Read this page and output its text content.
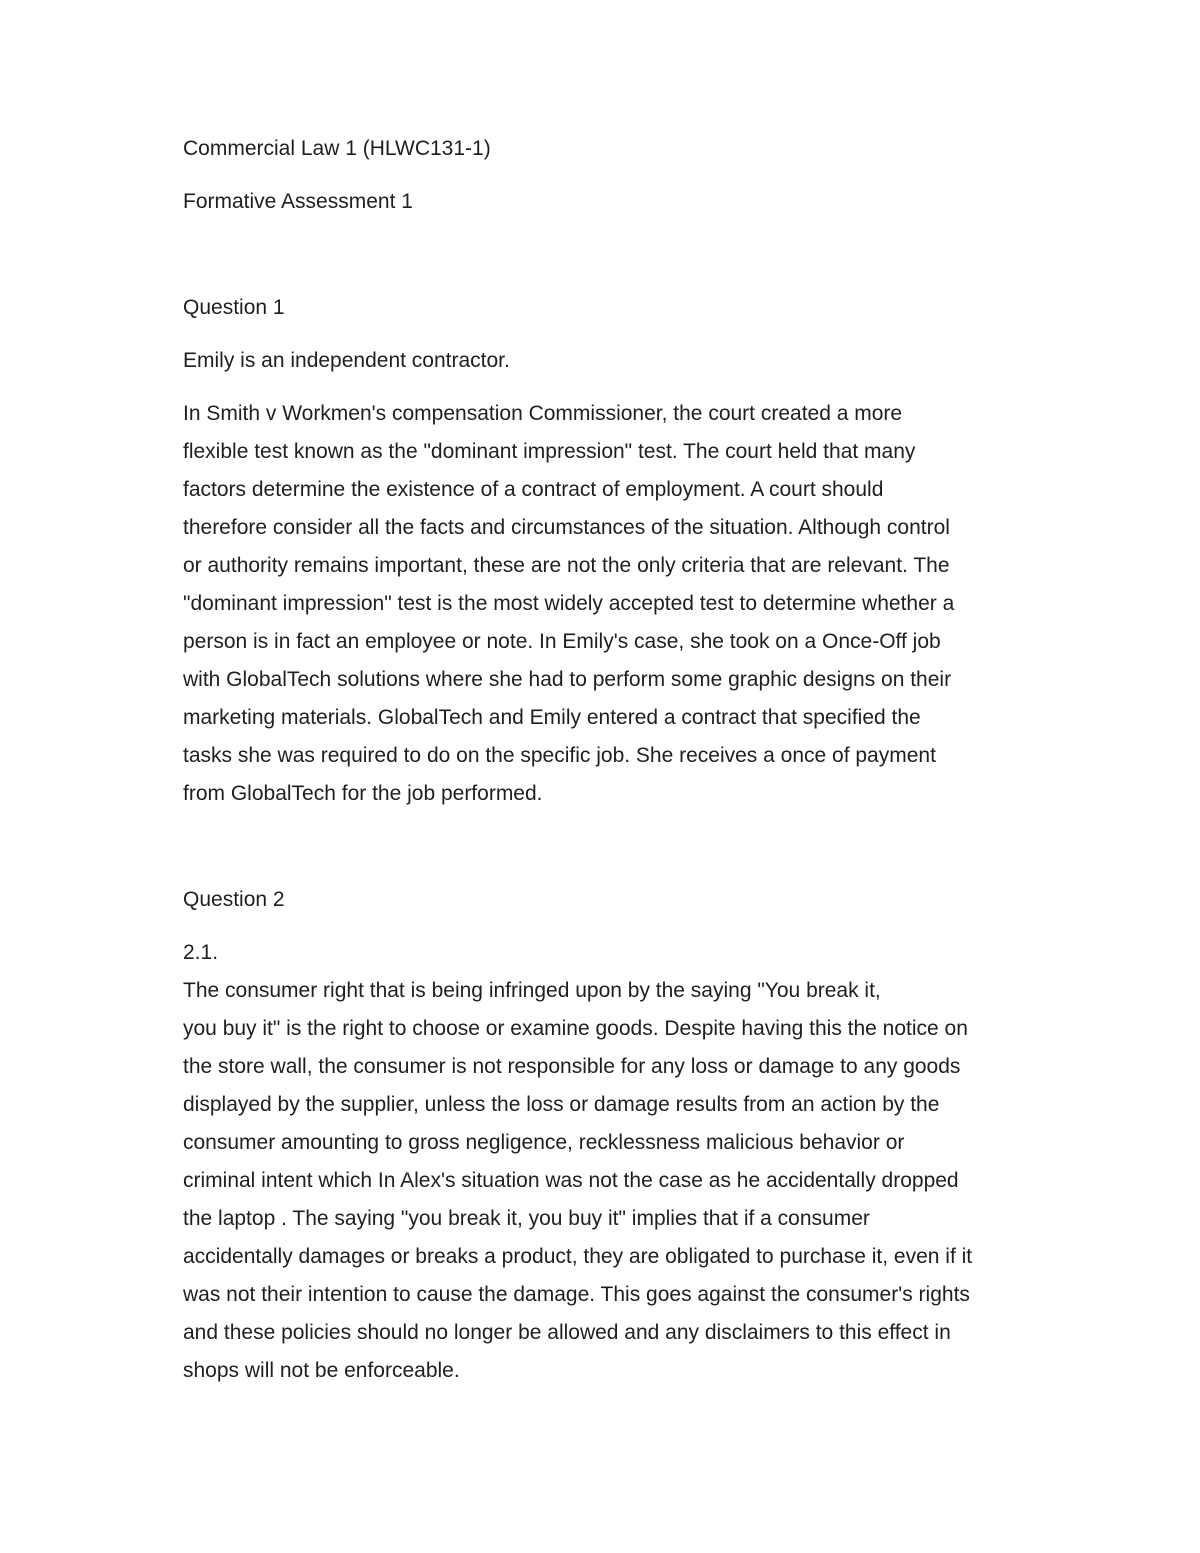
Commercial Law 1 (HLWC131-1)

Formative Assessment 1

Question 1

Emily is an independent contractor.

In Smith v Workmen's compensation Commissioner, the court created a more
flexible test known as the "dominant impression" test. The court held that many
factors determine the existence of a contract of employment. A court should
therefore consider all the facts and circumstances of the situation. Although control
or authority remains important, these are not the only criteria that are relevant. The
"dominant impression" test is the most widely accepted test to determine whether a
person is in fact an employee or note. In Emily's case, she took on a Once-Off job
with GlobalTech solutions where she had to perform some graphic designs on their
marketing materials. GlobalTech and Emily entered a contract that specified the
tasks she was required to do on the specific job. She receives a once of payment
from GlobalTech for the job performed.

Question 2

2.1.
The consumer right that is being infringed upon by the saying "You break it,
you buy it" is the right to choose or examine goods. Despite having this the notice on
the store wall, the consumer is not responsible for any loss or damage to any goods
displayed by the supplier, unless the loss or damage results from an action by the
consumer amounting to gross negligence, recklessness malicious behavior or
criminal intent which In Alex's situation was not the case as he accidentally dropped
the laptop . The saying "you break it, you buy it" implies that if a consumer
accidentally damages or breaks a product, they are obligated to purchase it, even if it
was not their intention to cause the damage. This goes against the consumer's rights
and these policies should no longer be allowed and any disclaimers to this effect in
shops will not be enforceable.
